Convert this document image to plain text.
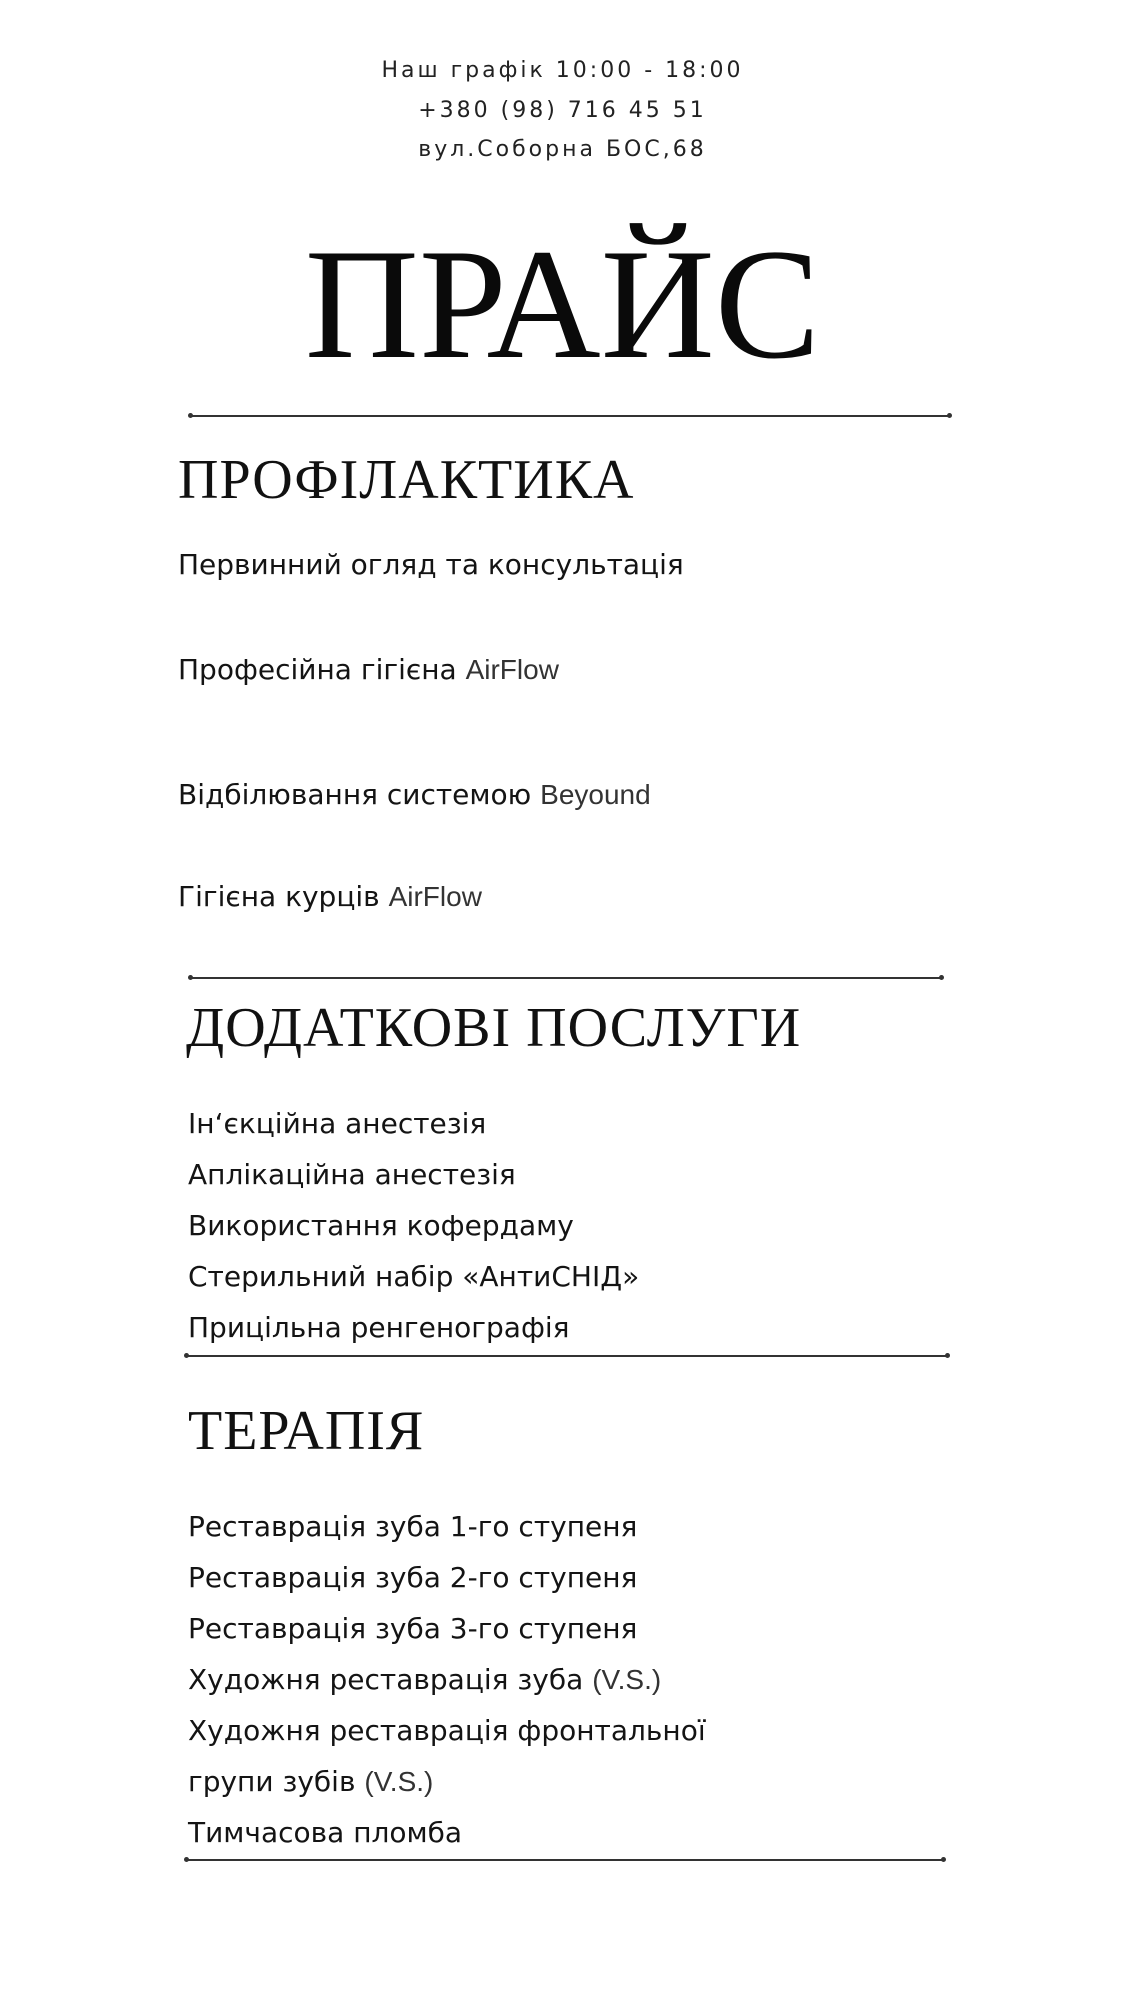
Наш графік 10:00 - 18:00
+380 (98) 716 45 51
вул.Соборна БОС,68
ПРАЙС
ПРОФІЛАКТИКА
Первинний огляд та консультація
Професійна гігієна AirFlow
Відбілювання системою Beyound
Гігієна курців AirFlow
ДОДАТКОВІ ПОСЛУГИ
Ін‘єкційна анестезія
Аплікаційна анестезія
Використання кофердаму
Стерильний набір «АнтиСНІД»
Прицільна ренгенографія
ТЕРАПІЯ
Реставрація зуба 1-го ступеня
Реставрація зуба 2-го ступеня
Реставрація зуба 3-го ступеня
Художня реставрація зуба (V.S.)
Художня реставрація фронтальної
групи зубів (V.S.)
Тимчасова пломба
